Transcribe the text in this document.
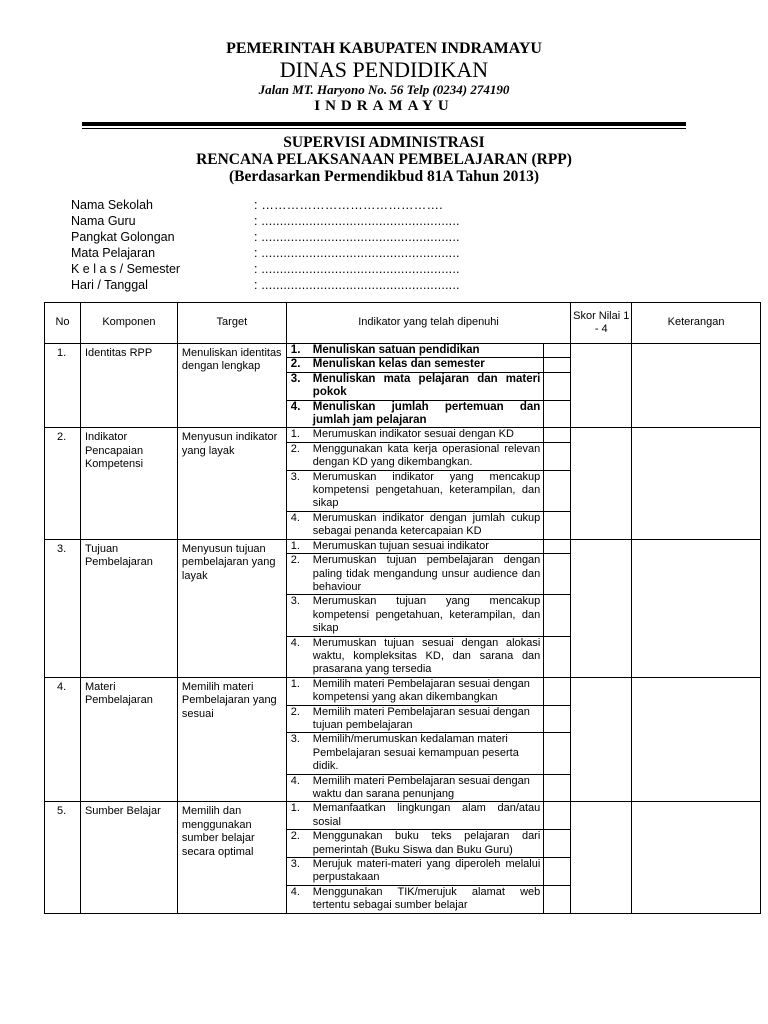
PEMERINTAH KABUPATEN INDRAMAYU
DINAS PENDIDIKAN
Jalan MT. Haryono No. 56 Telp (0234) 274190
INDRAMAYU
SUPERVISI ADMINISTRASI
RENCANA PELAKSANAAN PEMBELAJARAN (RPP)
(Berdasarkan Permendikbud 81A Tahun 2013)
Nama Sekolah	: …………………………………….
Nama Guru	: ......................................................
Pangkat Golongan	: ......................................................
Mata Pelajaran	: ......................................................
K e l a s / Semester	: ......................................................
Hari / Tanggal	: ......................................................
No	Komponen	Target	Indikator yang telah dipenuhi	Skor Nilai 1 - 4	Keterangan
1.	Identitas RPP	Menuliskan identitas dengan lengkap	
1.	Menuliskan satuan pendidikan	
2.	Menuliskan kelas dan semester	
3.	Menuliskan mata pelajaran dan materi pokok	
4.	Menuliskan jumlah pertemuan dan jumlah jam pelajaran	

2.	Indikator Pencapaian Kompetensi	Menyusun indikator yang layak	
1.	Merumuskan indikator sesuai dengan KD	
2.	Menggunakan kata kerja operasional relevan dengan KD yang dikembangkan.	
3.	Merumuskan indikator yang mencakup kompetensi pengetahuan, keterampilan, dan sikap	
4.	Merumuskan indikator dengan jumlah cukup sebagai penanda ketercapaian KD	

3.	Tujuan Pembelajaran	Menyusun tujuan pembelajaran yang layak	
1.	Merumuskan tujuan sesuai indikator	
2.	Merumuskan tujuan pembelajaran dengan paling tidak mengandung unsur audience dan behaviour	
3.	Merumuskan tujuan yang mencakup kompetensi pengetahuan, keterampilan, dan sikap	
4.	Merumuskan tujuan sesuai dengan alokasi waktu, kompleksitas KD, dan sarana dan prasarana yang tersedia	

4.	Materi Pembelajaran	Memilih materi Pembelajaran yang sesuai	
1.	Memilih materi Pembelajaran sesuai dengan kompetensi yang akan dikembangkan	
2.	Memilih materi Pembelajaran sesuai dengan tujuan pembelajaran	
3.	Memilih/merumuskan kedalaman materi Pembelajaran sesuai kemampuan peserta didik.	
4.	Memilih materi Pembelajaran sesuai dengan waktu dan sarana penunjang	

5.	Sumber Belajar	Memilih dan menggunakan sumber belajar secara optimal	
1.	Memanfaatkan lingkungan alam dan/atau sosial	
2.	Menggunakan buku teks pelajaran dari pemerintah (Buku Siswa dan Buku Guru)	
3.	Merujuk materi-materi yang diperoleh melalui perpustakaan	
4.	Menggunakan TIK/merujuk alamat web tertentu sebagai sumber belajar	
